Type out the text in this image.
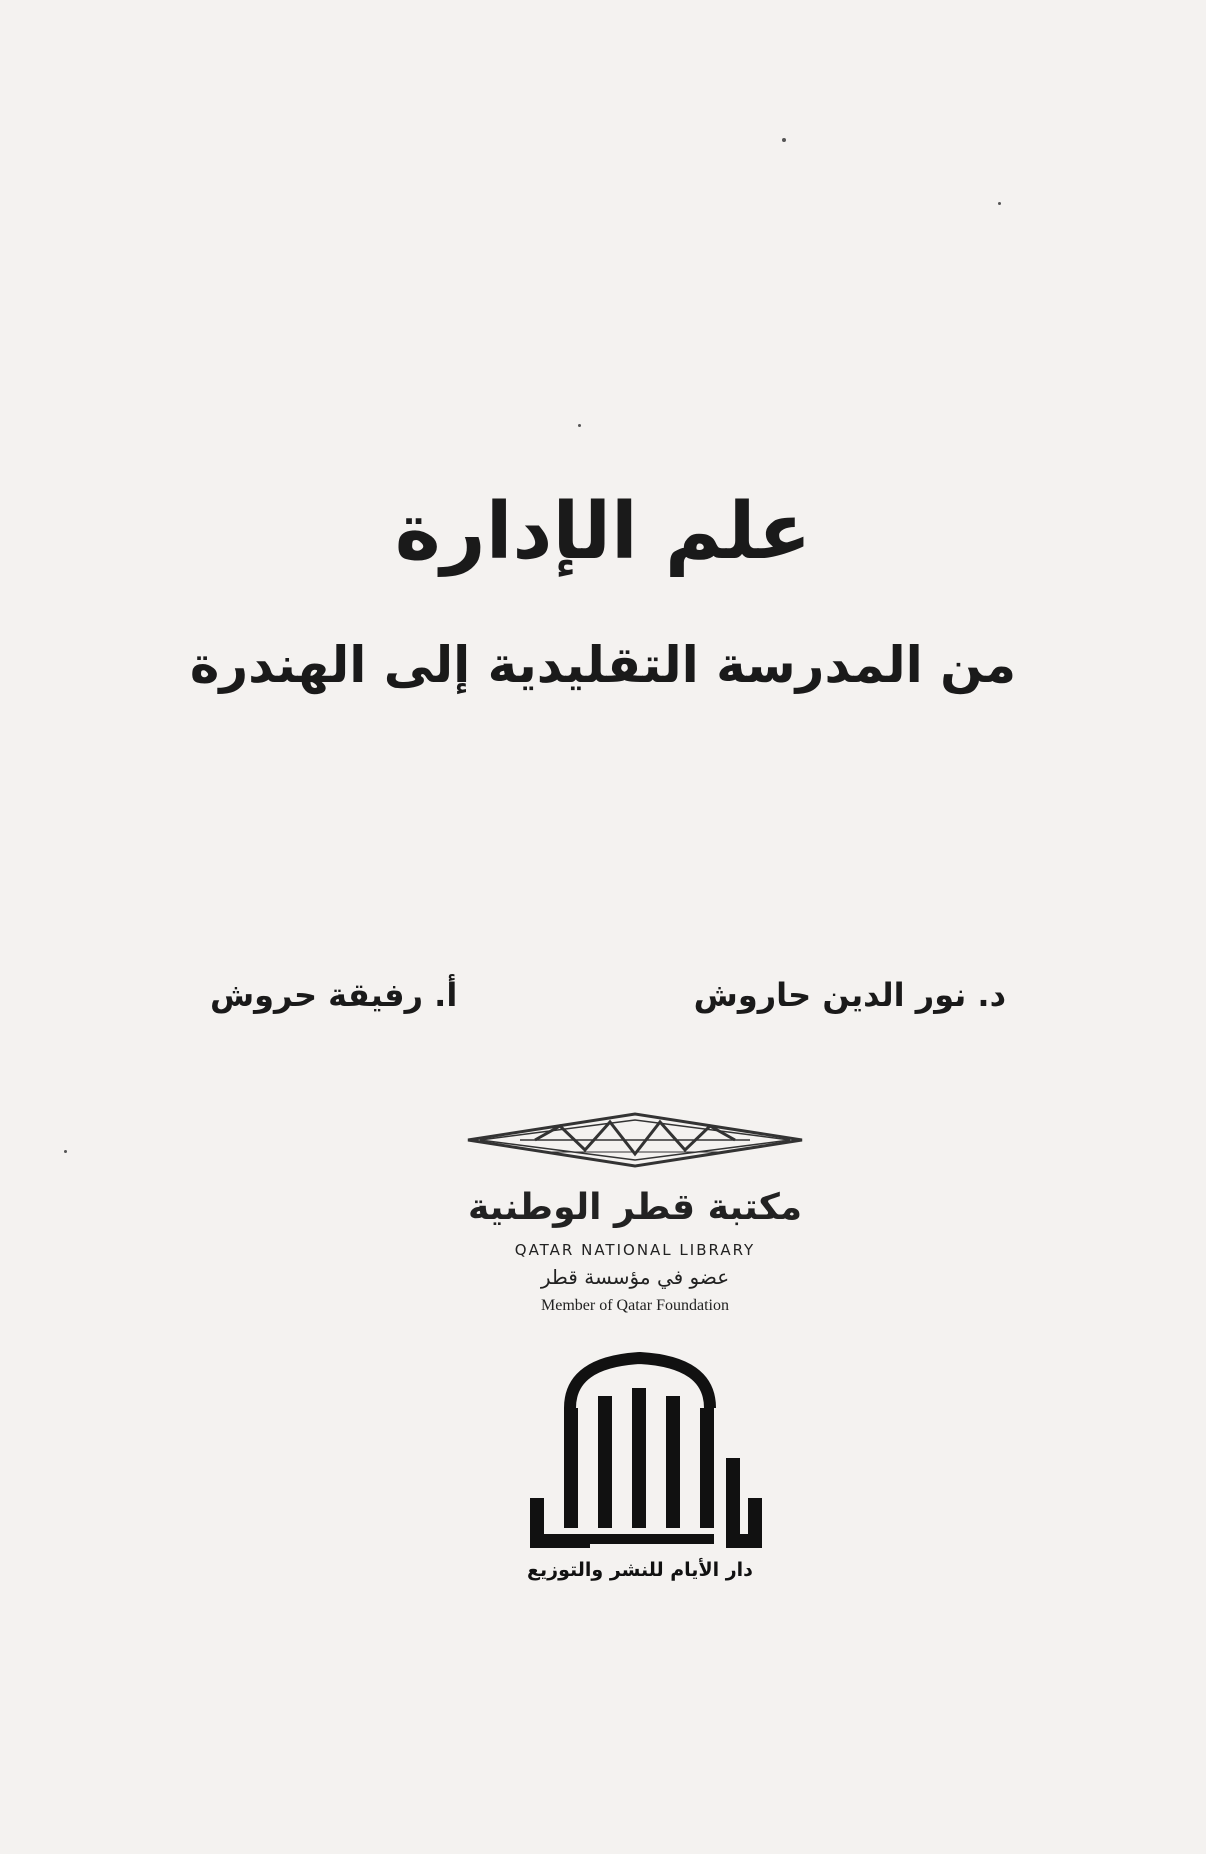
علم الإدارة
من المدرسة التقليدية إلى الهندرة
د. نور الدين حاروش
أ. رفيقة حروش
مكتبة قطر الوطنية
QATAR NATIONAL LIBRARY
عضو في مؤسسة قطر
Member of Qatar Foundation
دار الأيام للنشر والتوزيع
